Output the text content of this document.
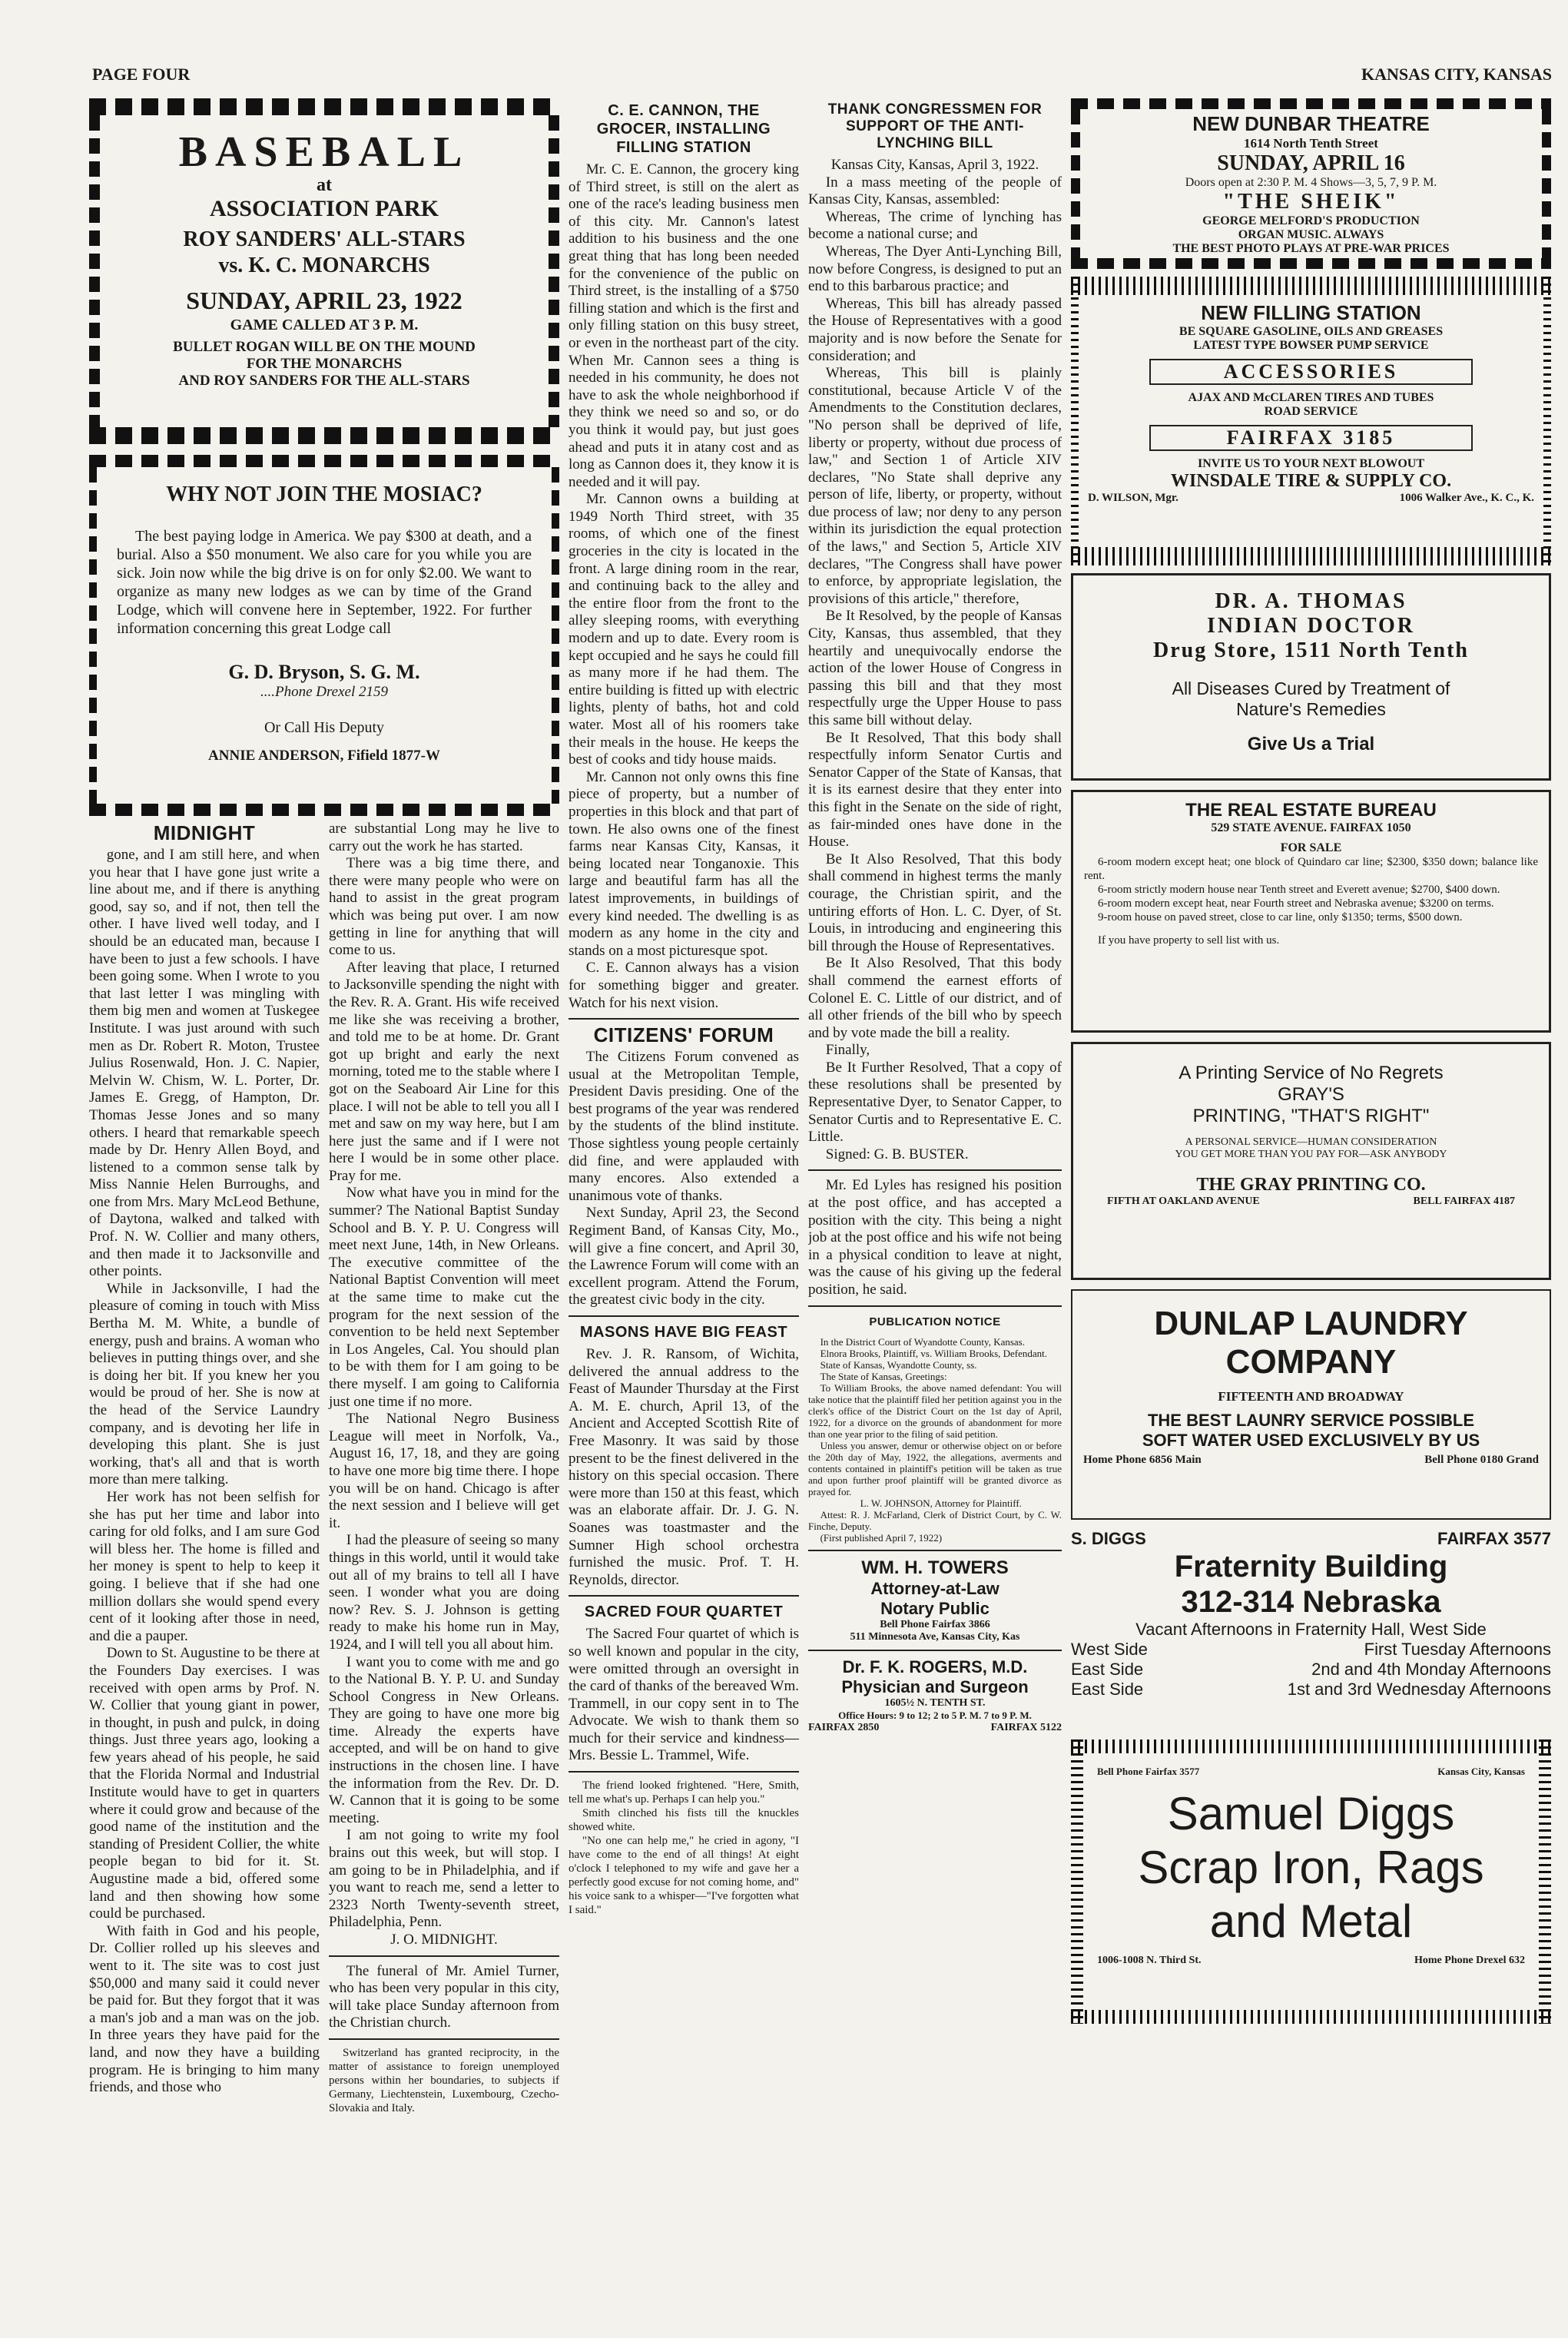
PAGE FOUR	KANSAS CITY, KANSAS
BASEBALL
at
ASSOCIATION PARK
ROY SANDERS' ALL-STARS
vs. K. C. MONARCHS
SUNDAY, APRIL 23, 1922
GAME CALLED AT 3 P. M.
BULLET ROGAN WILL BE ON THE MOUND
FOR THE MONARCHS
AND ROY SANDERS FOR THE ALL-STARS
WHY NOT JOIN THE MOSIAC?
The best paying lodge in America. We pay $300 at death, and a burial. Also a $50 monument. We also care for you while you are sick. Join now while the big drive is on for only $2.00. We want to organize as many new lodges as we can by time of the Grand Lodge, which will convene here in September, 1922. For further information concerning this great Lodge call
G. D. Bryson, S. G. M.
....Phone Drexel 2159
Or Call His Deputy
ANNIE ANDERSON, Fifield 1877-W
MIDNIGHT

gone, and I am still here, and when you hear that I have gone just write a line about me, and if there is anything good, say so, and if not, then tell the other. I have lived well today, and I should be an educated man, because I have been to just a few schools. I have been going some. When I wrote to you that last letter I was mingling with them big men and women at Tuskegee Institute. I was just around with such men as Dr. Robert R. Moton, Trustee Julius Rosenwald, Hon. J. C. Napier, Melvin W. Chism, W. L. Porter, Dr. James E. Gregg, of Hampton, Dr. Thomas Jesse Jones and so many others. I heard that remarkable speech made by Dr. Henry Allen Boyd, and listened to a common sense talk by Miss Nannie Helen Burroughs, and one from Mrs. Mary McLeod Bethune, of Daytona, walked and talked with Prof. N. W. Collier and many others, and then made it to Jacksonville and other points.

While in Jacksonville, I had the pleasure of coming in touch with Miss Bertha M. M. White, a bundle of energy, push and brains. A woman who believes in putting things over, and she is doing her bit. If you knew her you would be proud of her. She is now at the head of the Service Laundry company, and is devoting her life in developing this plant. She is just working, that's all and that is worth more than mere talking.

Her work has not been selfish for she has put her time and labor into caring for old folks, and I am sure God will bless her. The home is filled and her money is spent to help to keep it going. I believe that if she had one million dollars she would spend every cent of it looking after those in need, and die a pauper.

Down to St. Augustine to be there at the Founders Day exercises. I was received with open arms by Prof. N. W. Collier that young giant in power, in thought, in push and pulck, in doing things. Just three years ago, looking a few years ahead of his people, he said that the Florida Normal and Industrial Institute would have to get in quarters where it could grow and because of the good name of the institution and the standing of President Collier, the white people began to bid for it. St. Augustine made a bid, offered some land and then showing how some could be purchased.

With faith in God and his people, Dr. Collier rolled up his sleeves and went to it. The site was to cost just $50,000 and many said it could never be paid for. But they forgot that it was a man's job and a man was on the job. In three years they have paid for the land, and now they have a building program. He is bringing to him many friends, and those who

are substantial Long may he live to carry out the work he has started.

There was a big time there, and there were many people who were on hand to assist in the great program which was being put over. I am now getting in line for anything that will come to us.

After leaving that place, I returned to Jacksonville spending the night with the Rev. R. A. Grant. His wife received me like she was receiving a brother, and told me to be at home. Dr. Grant got up bright and early the next morning, toted me to the stable where I got on the Seaboard Air Line for this place. I will not be able to tell you all I met and saw on my way here, but I am here just the same and if I were not here I would be in some other place. Pray for me.

Now what have you in mind for the summer? The National Baptist Sunday School and B. Y. P. U. Congress will meet next June, 14th, in New Orleans. The executive committee of the National Baptist Convention will meet at the same time to make cut the program for the next session of the convention to be held next September in Los Angeles, Cal. You should plan to be with them for I am going to be there myself. I am going to California just one time if no more.

The National Negro Business League will meet in Norfolk, Va., August 16, 17, 18, and they are going to have one more big time there. I hope you will be on hand. Chicago is after the next session and I believe will get it.

I had the pleasure of seeing so many things in this world, until it would take out all of my brains to tell all I have seen. I wonder what you are doing now? Rev. S. J. Johnson is getting ready to make his home run in May, 1924, and I will tell you all about him.

I want you to come with me and go to the National B. Y. P. U. and Sunday School Congress in New Orleans. They are going to have one more big time. Already the experts have accepted, and will be on hand to give instructions in the chosen line. I have the information from the Rev. Dr. D. W. Cannon that it is going to be some meeting.

I am not going to write my fool brains out this week, but will stop. I am going to be in Philadelphia, and if you want to reach me, send a letter to 2323 North Twenty-seventh street, Philadelphia, Penn.

J. O. MIDNIGHT.

The funeral of Mr. Amiel Turner, who has been very popular in this city, will take place Sunday afternoon from the Christian church.

Switzerland has granted reciprocity, in the matter of assistance to foreign unemployed persons within her boundaries, to subjects if Germany, Liechtenstein, Luxembourg, Czecho-Slovakia and Italy.

C. E. CANNON, THE GROCER, INSTALLING FILLING STATION

Mr. C. E. Cannon, the grocery king of Third street, is still on the alert as one of the race's leading business men of this city. Mr. Cannon's latest addition to his business and the one great thing that has long been needed for the convenience of the public on Third street, is the installing of a $750 filling station and which is the first and only filling station on this busy street, or even in the northeast part of the city. When Mr. Cannon sees a thing is needed in his community, he does not have to ask the whole neighborhood if they think we need so and so, or do you think it would pay, but just goes ahead and puts it in atany cost and as long as Cannon does it, they know it is needed and it will pay.

Mr. Cannon owns a building at 1949 North Third street, with 35 rooms, of which one of the finest groceries in the city is located in the front. A large dining room in the rear, and continuing back to the alley and the entire floor from the front to the alley sleeping rooms, with everything modern and up to date. Every room is kept occupied and he says he could fill as many more if he had them. The entire building is fitted up with electric lights, plenty of baths, hot and cold water. Most all of his roomers take their meals in the house. He keeps the best of cooks and tidy house maids.

Mr. Cannon not only owns this fine piece of property, but a number of properties in this block and that part of town. He also owns one of the finest farms near Kansas City, Kansas, it being located near Tonganoxie. This large and beautiful farm has all the latest improvements, in buildings of every kind needed. The dwelling is as modern as any home in the city and stands on a most picturesque spot.

C. E. Cannon always has a vision for something bigger and greater. Watch for his next vision.

CITIZENS' FORUM

The Citizens Forum convened as usual at the Metropolitan Temple, President Davis presiding. One of the best programs of the year was rendered by the students of the blind institute. Those sightless young people certainly did fine, and were applauded with many encores. Also extended a unanimous vote of thanks.

Next Sunday, April 23, the Second Regiment Band, of Kansas City, Mo., will give a fine concert, and April 30, the Lawrence Forum will come with an excellent program. Attend the Forum, the greatest civic body in the city.

MASONS HAVE BIG FEAST

Rev. J. R. Ransom, of Wichita, delivered the annual address to the Feast of Maunder Thursday at the First A. M. E. church, April 13, of the Ancient and Accepted Scottish Rite of Free Masonry. It was said by those present to be the finest delivered in the history on this special occasion. There were more than 150 at this feast, which was an elaborate affair. Dr. J. G. N. Soanes was toastmaster and the Sumner High school orchestra furnished the music. Prof. T. H. Reynolds, director.

SACRED FOUR QUARTET

The Sacred Four quartet of which is so well known and popular in the city, were omitted through an oversight in the card of thanks of the bereaved Wm. Trammell, in our copy sent in to The Advocate. We wish to thank them so much for their service and kindness—Mrs. Bessie L. Trammel, Wife.

The friend looked frightened. "Here, Smith, tell me what's up. Perhaps I can help you."

Smith clinched his fists till the knuckles showed white.

"No one can help me," he cried in agony, "I have come to the end of all things! At eight o'clock I telephoned to my wife and gave her a perfectly good excuse for not coming home, and" his voice sank to a whisper—"I've forgotten what I said."

THANK CONGRESSMEN FOR SUPPORT OF THE ANTI-LYNCHING BILL

Kansas City, Kansas, April 3, 1922.

In a mass meeting of the people of Kansas City, Kansas, assembled:

Whereas, The crime of lynching has become a national curse; and

Whereas, The Dyer Anti-Lynching Bill, now before Congress, is designed to put an end to this barbarous practice; and

Whereas, This bill has already passed the House of Representatives with a good majority and is now before the Senate for consideration; and

Whereas, This bill is plainly constitutional, because Article V of the Amendments to the Constitution declares, "No person shall be deprived of life, liberty or property, without due process of law," and Section 1 of Article XIV declares, "No State shall deprive any person of life, liberty, or property, without due process of law; nor deny to any person within its jurisdiction the equal protection of the laws," and Section 5, Article XIV declares, "The Congress shall have power to enforce, by appropriate legislation, the provisions of this article," therefore,

Be It Resolved, by the people of Kansas City, Kansas, thus assembled, that they heartily and unequivocally endorse the action of the lower House of Congress in passing this bill and that they most respectfully urge the Upper House to pass this same bill without delay.

Be It Resolved, That this body shall respectfully inform Senator Curtis and Senator Capper of the State of Kansas, that it is its earnest desire that they enter into this fight in the Senate on the side of right, as fair-minded ones have done in the House.

Be It Also Resolved, That this body shall commend in highest terms the manly courage, the Christian spirit, and the untiring efforts of Hon. L. C. Dyer, of St. Louis, in introducing and engineering this bill through the House of Representatives.

Be It Also Resolved, That this body shall commend the earnest efforts of Colonel E. C. Little of our district, and of all other friends of the bill who by speech and by vote made the bill a reality.

Finally,

Be It Further Resolved, That a copy of these resolutions shall be presented by Representative Dyer, to Senator Capper, to Senator Curtis and to Representative E. C. Little.

Signed: G. B. BUSTER.

Mr. Ed Lyles has resigned his position at the post office, and has accepted a position with the city. This being a night job at the post office and his wife not being in a physical condition to leave at night, was the cause of his giving up the federal position, he said.

PUBLICATION NOTICE

In the District Court of Wyandotte County, Kansas.

Elnora Brooks, Plaintiff, vs. William Brooks, Defendant.

State of Kansas, Wyandotte County, ss.

The State of Kansas, Greetings:

To William Brooks, the above named defendant: You will take notice that the plaintiff filed her petition against you in the clerk's office of the District Court on the 1st day of April, 1922, for a divorce on the grounds of abandonment for more than one year prior to the filing of said petition.

Unless you answer, demur or otherwise object on or before the 20th day of May, 1922, the allegations, averments and contents contained in plaintiff's petition will be taken as true and upon further proof plaintiff will be granted divorce as prayed for.

L. W. JOHNSON, Attorney for Plaintiff.

Attest: R. J. McFarland, Clerk of District Court, by C. W. Finche, Deputy.

(First published April 7, 1922)

WM. H. TOWERS
Attorney-at-Law
Notary Public
Bell Phone Fairfax 3866
511 Minnesota Ave, Kansas City, Kas
Dr. F. K. ROGERS, M.D.
Physician and Surgeon
1605½ N. TENTH ST.
Office Hours: 9 to 12; 2 to 5 P. M. 7 to 9 P. M.
FAIRFAX 2850	FAIRFAX 5122
NEW DUNBAR THEATRE
1614 North Tenth Street
SUNDAY, APRIL 16
Doors open at 2:30 P. M. 4 Shows—3, 5, 7, 9 P. M.
"THE SHEIK"
GEORGE MELFORD'S PRODUCTION
ORGAN MUSIC. ALWAYS
THE BEST PHOTO PLAYS AT PRE-WAR PRICES
NEW FILLING STATION
BE SQUARE GASOLINE, OILS AND GREASES
LATEST TYPE BOWSER PUMP SERVICE
ACCESSORIES
AJAX AND McCLAREN TIRES AND TUBES
ROAD SERVICE
FAIRFAX 3185
INVITE US TO YOUR NEXT BLOWOUT
WINSDALE TIRE & SUPPLY CO.
D. WILSON, Mgr.	1006 Walker Ave., K. C., K.
DR. A. THOMAS
INDIAN DOCTOR
Drug Store, 1511 North Tenth
All Diseases Cured by Treatment of
Nature's Remedies
Give Us a Trial
THE REAL ESTATE BUREAU
529 STATE AVENUE. FAIRFAX 1050
FOR SALE

6-room modern except heat; one block of Quindaro car line; $2300, $350 down; balance like rent.

6-room strictly modern house near Tenth street and Everett avenue; $2700, $400 down.

6-room modern except heat, near Fourth street and Nebraska avenue; $3200 on terms.

9-room house on paved street, close to car line, only $1350; terms, $500 down.

If you have property to sell list with us.

A Printing Service of No Regrets
GRAY'S
PRINTING, "THAT'S RIGHT"
A PERSONAL SERVICE—HUMAN CONSIDERATION
YOU GET MORE THAN YOU PAY FOR—ASK ANYBODY
THE GRAY PRINTING CO.
FIFTH AT OAKLAND AVENUE	BELL FAIRFAX 4187
DUNLAP LAUNDRY
COMPANY
FIFTEENTH AND BROADWAY
THE BEST LAUNRY SERVICE POSSIBLE
SOFT WATER USED EXCLUSIVELY BY US
Home Phone 6856 Main	Bell Phone 0180 Grand
S. DIGGS	FAIRFAX 3577
Fraternity Building
312-314 Nebraska
Vacant Afternoons in Fraternity Hall, West Side
West Side	First Tuesday Afternoons
East Side	2nd and 4th Monday Afternoons
East Side	1st and 3rd Wednesday Afternoons
Bell Phone Fairfax 3577	Kansas City, Kansas
Samuel Diggs
Scrap Iron, Rags
and Metal
1006-1008 N. Third St.	Home Phone Drexel 632
